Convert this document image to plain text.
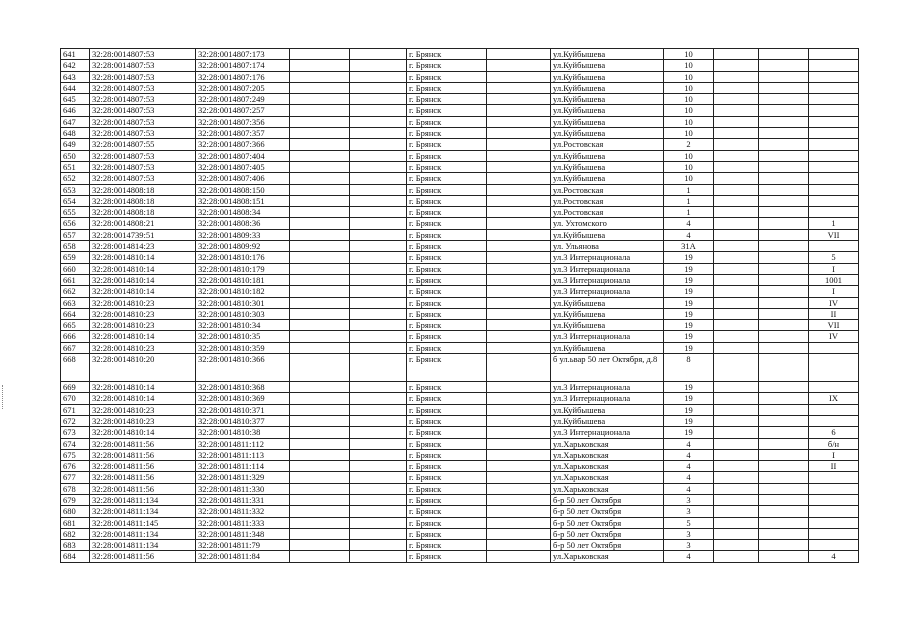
641	32:28:0014807:53	32:28:0014807:173			г. Брянск		ул.Куйбышева	10			
642	32:28:0014807:53	32:28:0014807:174			г. Брянск		ул.Куйбышева	10			
643	32:28:0014807:53	32:28:0014807:176			г. Брянск		ул.Куйбышева	10			
644	32:28:0014807:53	32:28:0014807:205			г. Брянск		ул.Куйбышева	10			
645	32:28:0014807:53	32:28:0014807:249			г. Брянск		ул.Куйбышева	10			
646	32:28:0014807:53	32:28:0014807:257			г. Брянск		ул.Куйбышева	10			
647	32:28:0014807:53	32:28:0014807:356			г. Брянск		ул.Куйбышева	10			
648	32:28:0014807:53	32:28:0014807:357			г. Брянск		ул.Куйбышева	10			
649	32:28:0014807:55	32:28:0014807:366			г. Брянск		ул.Ростовская	2			
650	32:28:0014807:53	32:28:0014807:404			г. Брянск		ул.Куйбышева	10			
651	32:28:0014807:53	32:28:0014807:405			г. Брянск		ул.Куйбышева	10			
652	32:28:0014807:53	32:28:0014807:406			г. Брянск		ул.Куйбышева	10			
653	32:28:0014808:18	32:28:0014808:150			г. Брянск		ул.Ростовская	1			
654	32:28:0014808:18	32:28:0014808:151			г. Брянск		ул.Ростовская	1			
655	32:28:0014808:18	32:28:0014808:34			г. Брянск		ул.Ростовская	1			
656	32:28:0014808:21	32:28:0014808:36			г. Брянск		ул. Ухтомского	4			1
657	32:28:0014739:51	32:28:0014809:33			г. Брянск		ул.Куйбышева	4			VII
658	32:28:0014814:23	32:28:0014809:92			г. Брянск		ул. Ульянова	31А			
659	32:28:0014810:14	32:28:0014810:176			г. Брянск		ул.3 Интернационала	19			5
660	32:28:0014810:14	32:28:0014810:179			г. Брянск		ул.3 Интернационала	19			I
661	32:28:0014810:14	32:28:0014810:181			г. Брянск		ул.3 Интернационала	19			1001
662	32:28:0014810:14	32:28:0014810:182			г. Брянск		ул.3 Интернационала	19			I
663	32:28:0014810:23	32:28:0014810:301			г. Брянск		ул.Куйбышева	19			IV
664	32:28:0014810:23	32:28:0014810:303			г. Брянск		ул.Куйбышева	19			II
665	32:28:0014810:23	32:28:0014810:34			г. Брянск		ул.Куйбышева	19			VII
666	32:28:0014810:14	32:28:0014810:35			г. Брянск		ул.3 Интернационала	19			IV
667	32:28:0014810:23	32:28:0014810:359			г. Брянск		ул.Куйбышева	19			
668	32:28:0014810:20	32:28:0014810:366			г. Брянск		б ул.ьвар 50 лет Октября, д.8	8			
669	32:28:0014810:14	32:28:0014810:368			г. Брянск		ул.3 Интернационала	19			
670	32:28:0014810:14	32:28:0014810:369			г. Брянск		ул.3 Интернационала	19			IX
671	32:28:0014810:23	32:28:0014810:371			г. Брянск		ул.Куйбышева	19			
672	32:28:0014810:23	32:28:0014810:377			г. Брянск		ул.Куйбышева	19			
673	32:28:0014810:14	32:28:0014810:38			г. Брянск		ул.3 Интернационала	19			6
674	32:28:0014811:56	32:28:0014811:112			г. Брянск		ул.Харьковская	4			б/н
675	32:28:0014811:56	32:28:0014811:113			г. Брянск		ул.Харьковская	4			I
676	32:28:0014811:56	32:28:0014811:114			г. Брянск		ул.Харьковская	4			II
677	32:28:0014811:56	32:28:0014811:329			г. Брянск		ул.Харьковская	4			
678	32:28:0014811:56	32:28:0014811:330			г. Брянск		ул.Харьковская	4			
679	32:28:0014811:134	32:28:0014811:331			г. Брянск		б-р 50 лет Октября	3			
680	32:28:0014811:134	32:28:0014811:332			г. Брянск		б-р 50 лет Октября	3			
681	32:28:0014811:145	32:28:0014811:333			г. Брянск		б-р 50 лет Октября	5			
682	32:28:0014811:134	32:28:0014811:348			г. Брянск		б-р 50 лет Октября	3			
683	32:28:0014811:134	32:28:0014811:79			г. Брянск		б-р 50 лет Октября	3			
684	32:28:0014811:56	32:28:0014811:84			г. Брянск		ул.Харьковская	4			4
